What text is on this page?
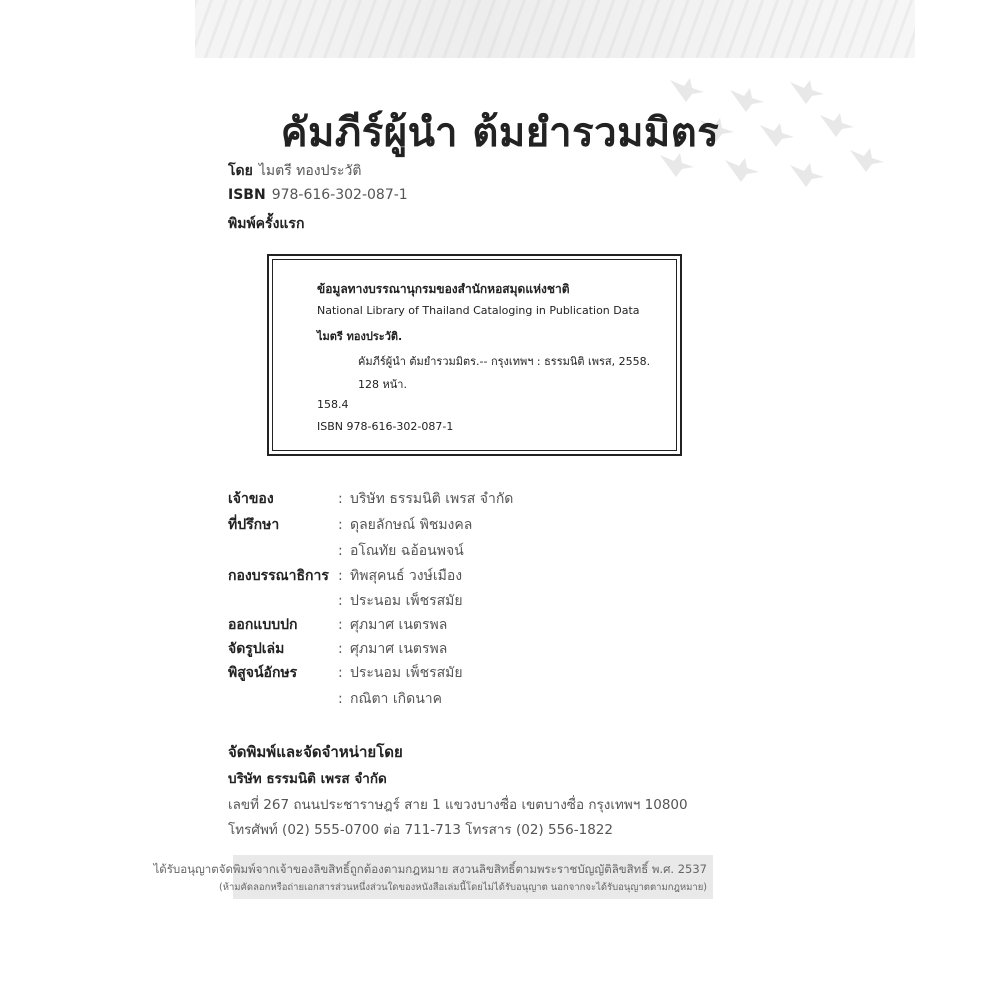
คัมภีร์ผู้นำ ต้มยำรวมมิตร
โดย ไมตรี ทองประวัติ
ISBN 978-616-302-087-1
พิมพ์ครั้งแรก
ข้อมูลทางบรรณานุกรมของสำนักหอสมุดแห่งชาติ
National Library of Thailand Cataloging in Publication Data
ไมตรี ทองประวัติ.
คัมภีร์ผู้นำ ต้มยำรวมมิตร.-- กรุงเทพฯ : ธรรมนิติ เพรส, 2558.
128 หน้า.
158.4
ISBN 978-616-302-087-1
เจ้าของ	: บริษัท ธรรมนิติ เพรส จำกัด
ที่ปรึกษา	: ดุลยลักษณ์ พิชมงคล
: อโณทัย ฉอ้อนพจน์
กองบรรณาธิการ : ทิพสุคนธ์ วงษ์เมือง
: ประนอม เพ็ชรสมัย
ออกแบบปก	: ศุภมาศ เนตรพล
จัดรูปเล่ม	: ศุภมาศ เนตรพล
พิสูจน์อักษร	: ประนอม เพ็ชรสมัย
: กณิตา เกิดนาค
จัดพิมพ์และจัดจำหน่ายโดย
บริษัท ธรรมนิติ เพรส จำกัด
เลขที่ 267 ถนนประชาราษฎร์ สาย 1 แขวงบางซื่อ เขตบางซื่อ กรุงเทพฯ 10800
โทรศัพท์ (02) 555-0700 ต่อ 711-713 โทรสาร (02) 556-1822
ได้รับอนุญาตจัดพิมพ์จากเจ้าของลิขสิทธิ์ถูกต้องตามกฎหมาย สงวนลิขสิทธิ์ตามพระราชบัญญัติลิขสิทธิ์ พ.ศ. 2537
(ห้ามคัดลอกหรือถ่ายเอกสารส่วนหนึ่งส่วนใดของหนังสือเล่มนี้โดยไม่ได้รับอนุญาต นอกจากจะได้รับอนุญาตตามกฎหมาย)
